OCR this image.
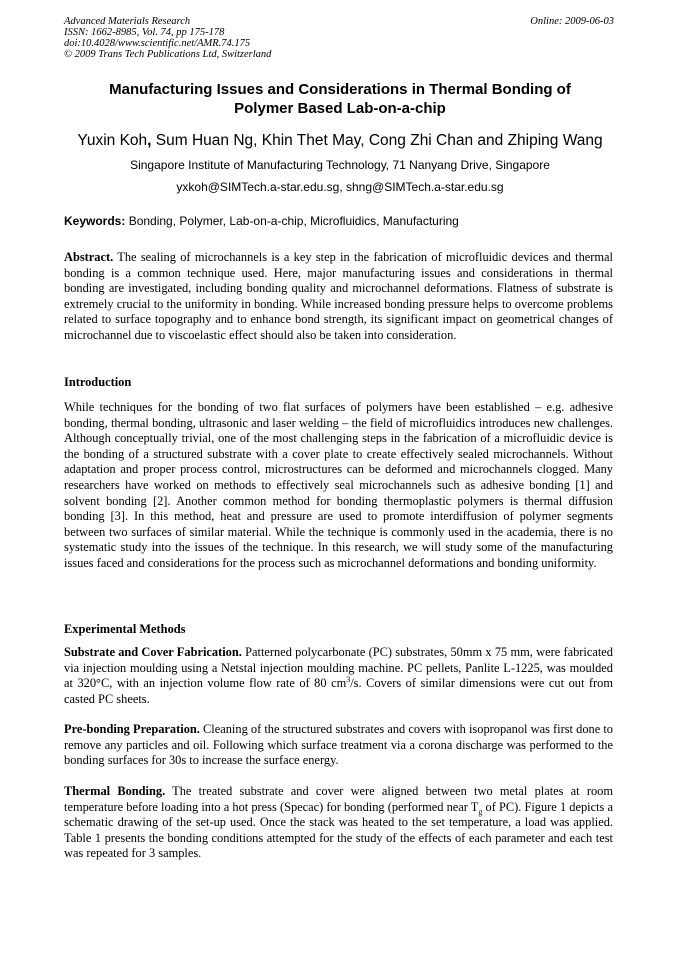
Advanced Materials Research
ISSN: 1662-8985, Vol. 74, pp 175-178
doi:10.4028/www.scientific.net/AMR.74.175
© 2009 Trans Tech Publications Ltd, Switzerland
Online: 2009-06-03
Manufacturing Issues and Considerations in Thermal Bonding of
Polymer Based Lab-on-a-chip
Yuxin Koh, Sum Huan Ng, Khin Thet May, Cong Zhi Chan and Zhiping Wang
Singapore Institute of Manufacturing Technology, 71 Nanyang Drive, Singapore
yxkoh@SIMTech.a-star.edu.sg, shng@SIMTech.a-star.edu.sg
Keywords: Bonding, Polymer, Lab-on-a-chip, Microfluidics, Manufacturing
Abstract. The sealing of microchannels is a key step in the fabrication of microfluidic devices and thermal bonding is a common technique used. Here, major manufacturing issues and considerations in thermal bonding are investigated, including bonding quality and microchannel deformations. Flatness of substrate is extremely crucial to the uniformity in bonding. While increased bonding pressure helps to overcome problems related to surface topography and to enhance bond strength, its significant impact on geometrical changes of microchannel due to viscoelastic effect should also be taken into consideration.
Introduction
While techniques for the bonding of two flat surfaces of polymers have been established – e.g. adhesive bonding, thermal bonding, ultrasonic and laser welding – the field of microfluidics introduces new challenges. Although conceptually trivial, one of the most challenging steps in the fabrication of a microfluidic device is the bonding of a structured substrate with a cover plate to create effectively sealed microchannels. Without adaptation and proper process control, microstructures can be deformed and microchannels clogged. Many researchers have worked on methods to effectively seal microchannels such as adhesive bonding [1] and solvent bonding [2]. Another common method for bonding thermoplastic polymers is thermal diffusion bonding [3]. In this method, heat and pressure are used to promote interdiffusion of polymer segments between two surfaces of similar material. While the technique is commonly used in the academia, there is no systematic study into the issues of the technique. In this research, we will study some of the manufacturing issues faced and considerations for the process such as microchannel deformations and bonding uniformity.
Experimental Methods
Substrate and Cover Fabrication. Patterned polycarbonate (PC) substrates, 50mm x 75 mm, were fabricated via injection moulding using a Netstal injection moulding machine. PC pellets, Panlite L-1225, was moulded at 320°C, with an injection volume flow rate of 80 $cm^3/s$. Covers of similar dimensions were cut out from casted PC sheets.
Pre-bonding Preparation. Cleaning of the structured substrates and covers with isopropanol was first done to remove any particles and oil. Following which surface treatment via a corona discharge was performed to the bonding surfaces for 30s to increase the surface energy.
Thermal Bonding. The treated substrate and cover were aligned between two metal plates at room temperature before loading into a hot press (Specac) for bonding (performed near $T_g$ of PC). Figure 1 depicts a schematic drawing of the set-up used. Once the stack was heated to the set temperature, a load was applied. Table 1 presents the bonding conditions attempted for the study of the effects of each parameter and each test was repeated for 3 samples.
